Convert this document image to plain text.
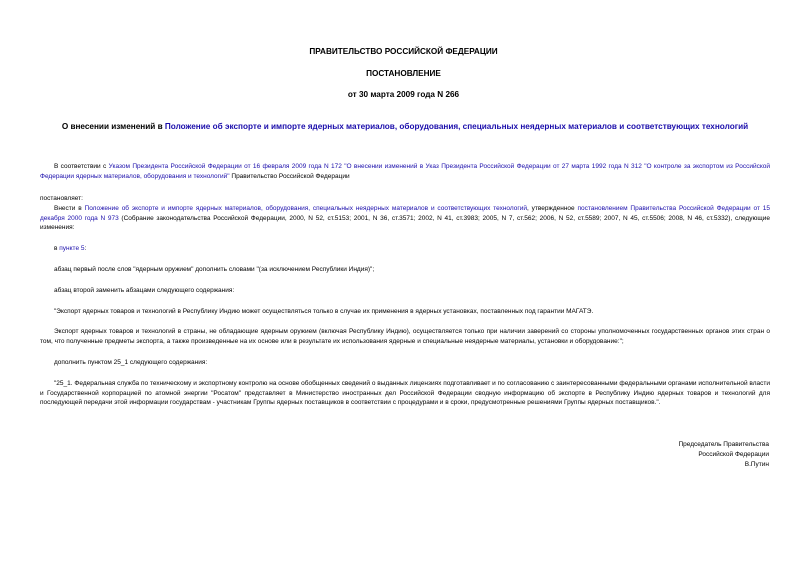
ПРАВИТЕЛЬСТВО РОССИЙСКОЙ ФЕДЕРАЦИИ
ПОСТАНОВЛЕНИЕ
от 30 марта 2009 года N 266
О внесении изменений в Положение об экспорте и импорте ядерных материалов, оборудования, специальных неядерных материалов и соответствующих технологий
В соответствии с Указом Президента Российской Федерации от 16 февраля 2009 года N 172 "О внесении изменений в Указ Президента Российской Федерации от 27 марта 1992 года N 312 "О контроле за экспортом из Российской Федерации ядерных материалов, оборудования и технологий" Правительство Российской Федерации
постановляет:
Внести в Положение об экспорте и импорте ядерных материалов, оборудования, специальных неядерных материалов и соответствующих технологий, утвержденное постановлением Правительства Российской Федерации от 15 декабря 2000 года N 973 (Собрание законодательства Российской Федерации, 2000, N 52, ст.5153; 2001, N 36, ст.3571; 2002, N 41, ст.3983; 2005, N 7, ст.562; 2006, N 52, ст.5589; 2007, N 45, ст.5506; 2008, N 46, ст.5332), следующие изменения:
в пункте 5:
абзац первый после слов "ядерным оружием" дополнить словами "(за исключением Республики Индия)";
абзац второй заменить абзацами следующего содержания:
"Экспорт ядерных товаров и технологий в Республику Индию может осуществляться только в случае их применения в ядерных установках, поставленных под гарантии МАГАТЭ.
Экспорт ядерных товаров и технологий в страны, не обладающие ядерным оружием (включая Республику Индию), осуществляется только при наличии заверений со стороны уполномоченных государственных органов этих стран о том, что полученные предметы экспорта, а также произведенные на их основе или в результате их использования ядерные и специальные неядерные материалы, установки и оборудование:";
дополнить пунктом 25_1 следующего содержания:
"25_1. Федеральная служба по техническому и экспортному контролю на основе обобщенных сведений о выданных лицензиях подготавливает и по согласованию с заинтересованными федеральными органами исполнительной власти и Государственной корпорацией по атомной энергии "Росатом" представляет в Министерство иностранных дел Российской Федерации сводную информацию об экспорте в Республику Индию ядерных товаров и технологий для последующей передачи этой информации государствам - участникам Группы ядерных поставщиков в соответствии с процедурами и в сроки, предусмотренные решениями Группы ядерных поставщиков.".
Председатель Правительства
Российской Федерации
В.Путин
